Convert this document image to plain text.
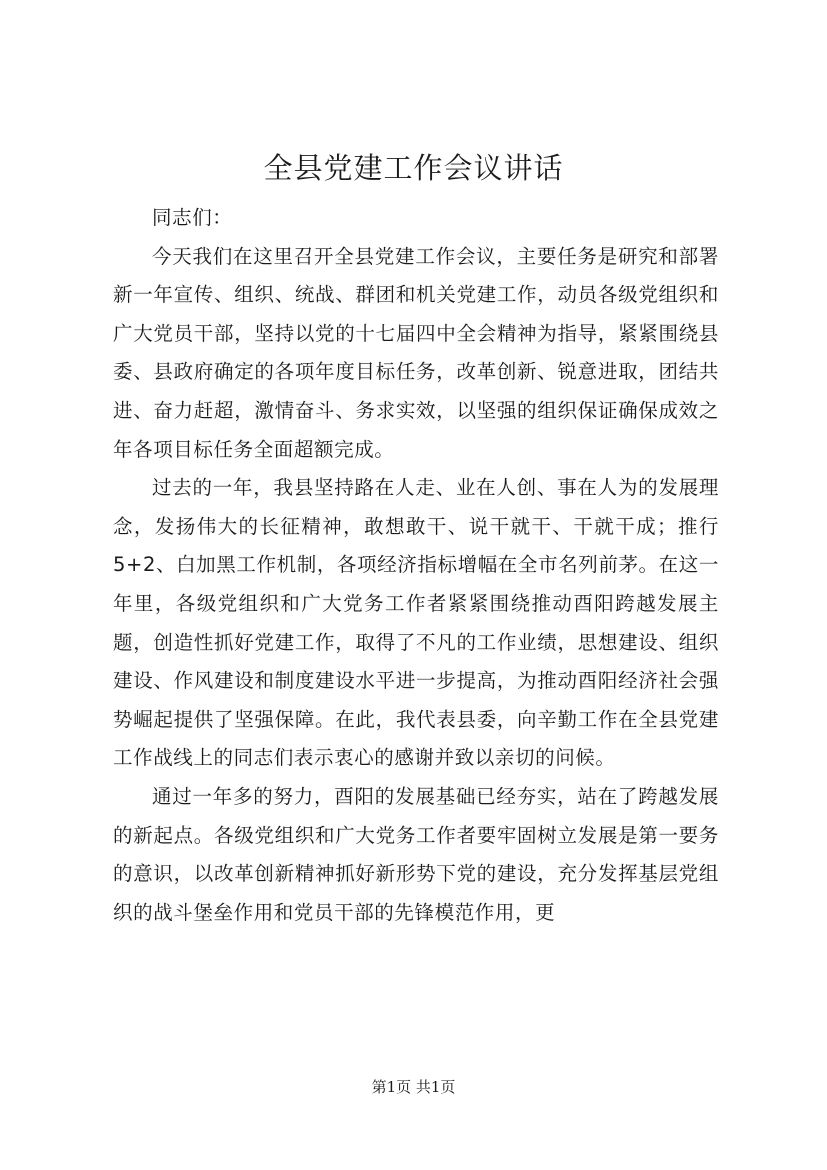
全县党建工作会议讲话

同志们：

今天我们在这里召开全县党建工作会议，主要任务是研究和部署新一年宣传、组织、统战、群团和机关党建工作，动员各级党组织和广大党员干部，坚持以党的十七届四中全会精神为指导，紧紧围绕县委、县政府确定的各项年度目标任务，改革创新、锐意进取，团结共进、奋力赶超，激情奋斗、务求实效，以坚强的组织保证确保成效之年各项目标任务全面超额完成。

过去的一年，我县坚持路在人走、业在人创、事在人为的发展理念，发扬伟大的长征精神，敢想敢干、说干就干、干就干成；推行5+2、白加黑工作机制，各项经济指标增幅在全市名列前茅。在这一年里，各级党组织和广大党务工作者紧紧围绕推动酉阳跨越发展主题，创造性抓好党建工作，取得了不凡的工作业绩，思想建设、组织建设、作风建设和制度建设水平进一步提高，为推动酉阳经济社会强势崛起提供了坚强保障。在此，我代表县委，向辛勤工作在全县党建工作战线上的同志们表示衷心的感谢并致以亲切的问候。

通过一年多的努力，酉阳的发展基础已经夯实，站在了跨越发展的新起点。各级党组织和广大党务工作者要牢固树立发展是第一要务的意识，以改革创新精神抓好新形势下党的建设，充分发挥基层党组织的战斗堡垒作用和党员干部的先锋模范作用，更

第1页 共1页
